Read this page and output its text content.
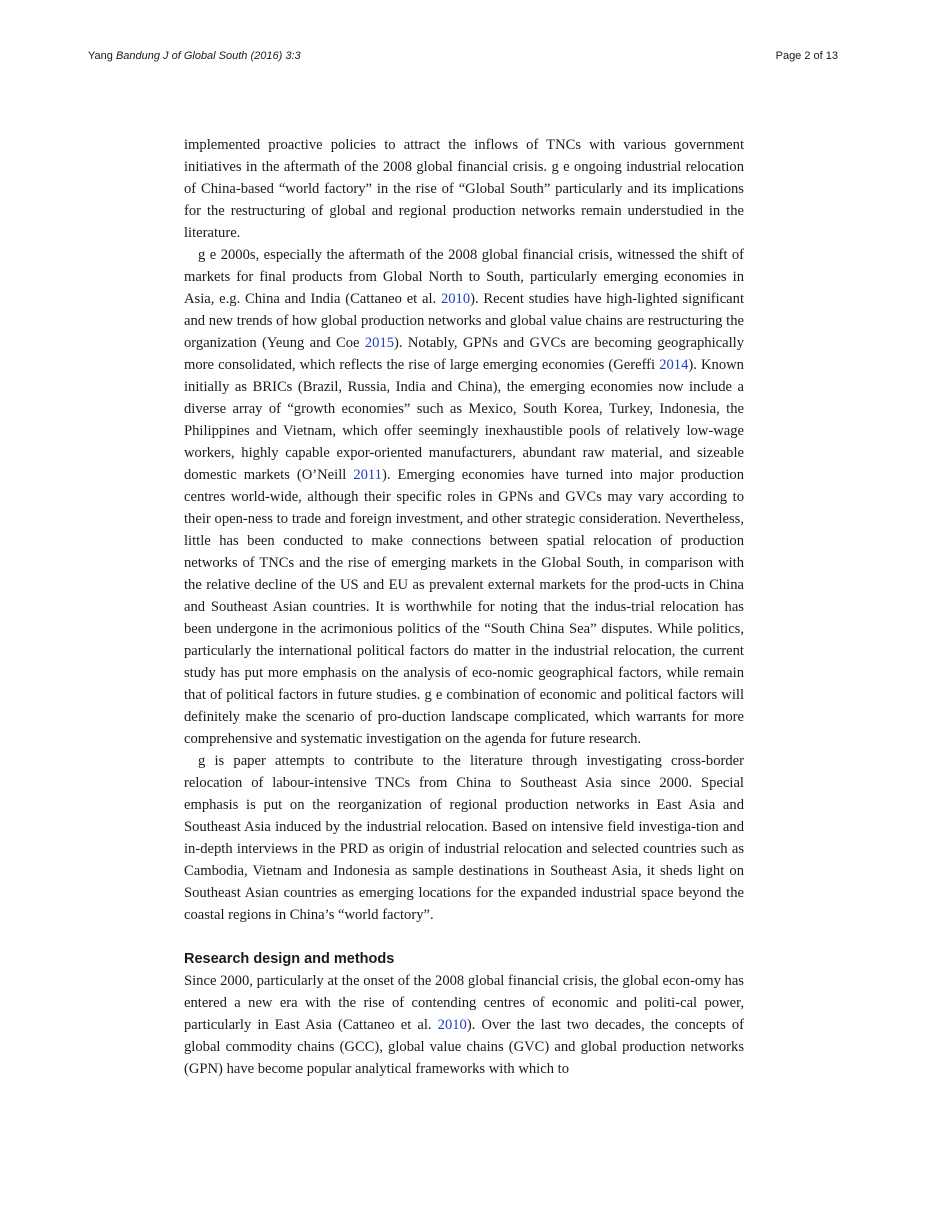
Yang Bandung J of Global South (2016) 3:3	Page 2 of 13

implemented proactive policies to attract the inflows of TNCs with various government initiatives in the aftermath of the 2008 global financial crisis. g e ongoing industrial relocation of China-based “world factory” in the rise of “Global South” particularly and its implications for the restructuring of global and regional production networks remain understudied in the literature.

g e 2000s, especially the aftermath of the 2008 global financial crisis, witnessed the shift of markets for final products from Global North to South, particularly emerging economies in Asia, e.g. China and India (Cattaneo et al. 2010). Recent studies have high-lighted significant and new trends of how global production networks and global value chains are restructuring the organization (Yeung and Coe 2015). Notably, GPNs and GVCs are becoming geographically more consolidated, which reflects the rise of large emerging economies (Gereffi 2014). Known initially as BRICs (Brazil, Russia, India and China), the emerging economies now include a diverse array of “growth economies” such as Mexico, South Korea, Turkey, Indonesia, the Philippines and Vietnam, which offer seemingly inexhaustible pools of relatively low-wage workers, highly capable expor-oriented manufacturers, abundant raw material, and sizeable domestic markets (O’Neill 2011). Emerging economies have turned into major production centres world-wide, although their specific roles in GPNs and GVCs may vary according to their open-ness to trade and foreign investment, and other strategic consideration. Nevertheless, little has been conducted to make connections between spatial relocation of production networks of TNCs and the rise of emerging markets in the Global South, in comparison with the relative decline of the US and EU as prevalent external markets for the prod-ucts in China and Southeast Asian countries. It is worthwhile for noting that the indus-trial relocation has been undergone in the acrimonious politics of the “South China Sea” disputes. While politics, particularly the international political factors do matter in the industrial relocation, the current study has put more emphasis on the analysis of eco-nomic geographical factors, while remain that of political factors in future studies. g e combination of economic and political factors will definitely make the scenario of pro-duction landscape complicated, which warrants for more comprehensive and systematic investigation on the agenda for future research.

g is paper attempts to contribute to the literature through investigating cross-border relocation of labour-intensive TNCs from China to Southeast Asia since 2000. Special emphasis is put on the reorganization of regional production networks in East Asia and Southeast Asia induced by the industrial relocation. Based on intensive field investiga-tion and in-depth interviews in the PRD as origin of industrial relocation and selected countries such as Cambodia, Vietnam and Indonesia as sample destinations in Southeast Asia, it sheds light on Southeast Asian countries as emerging locations for the expanded industrial space beyond the coastal regions in China’s “world factory”.

Research design and methods

Since 2000, particularly at the onset of the 2008 global financial crisis, the global econ-omy has entered a new era with the rise of contending centres of economic and politi-cal power, particularly in East Asia (Cattaneo et al. 2010). Over the last two decades, the concepts of global commodity chains (GCC), global value chains (GVC) and global production networks (GPN) have become popular analytical frameworks with which to
